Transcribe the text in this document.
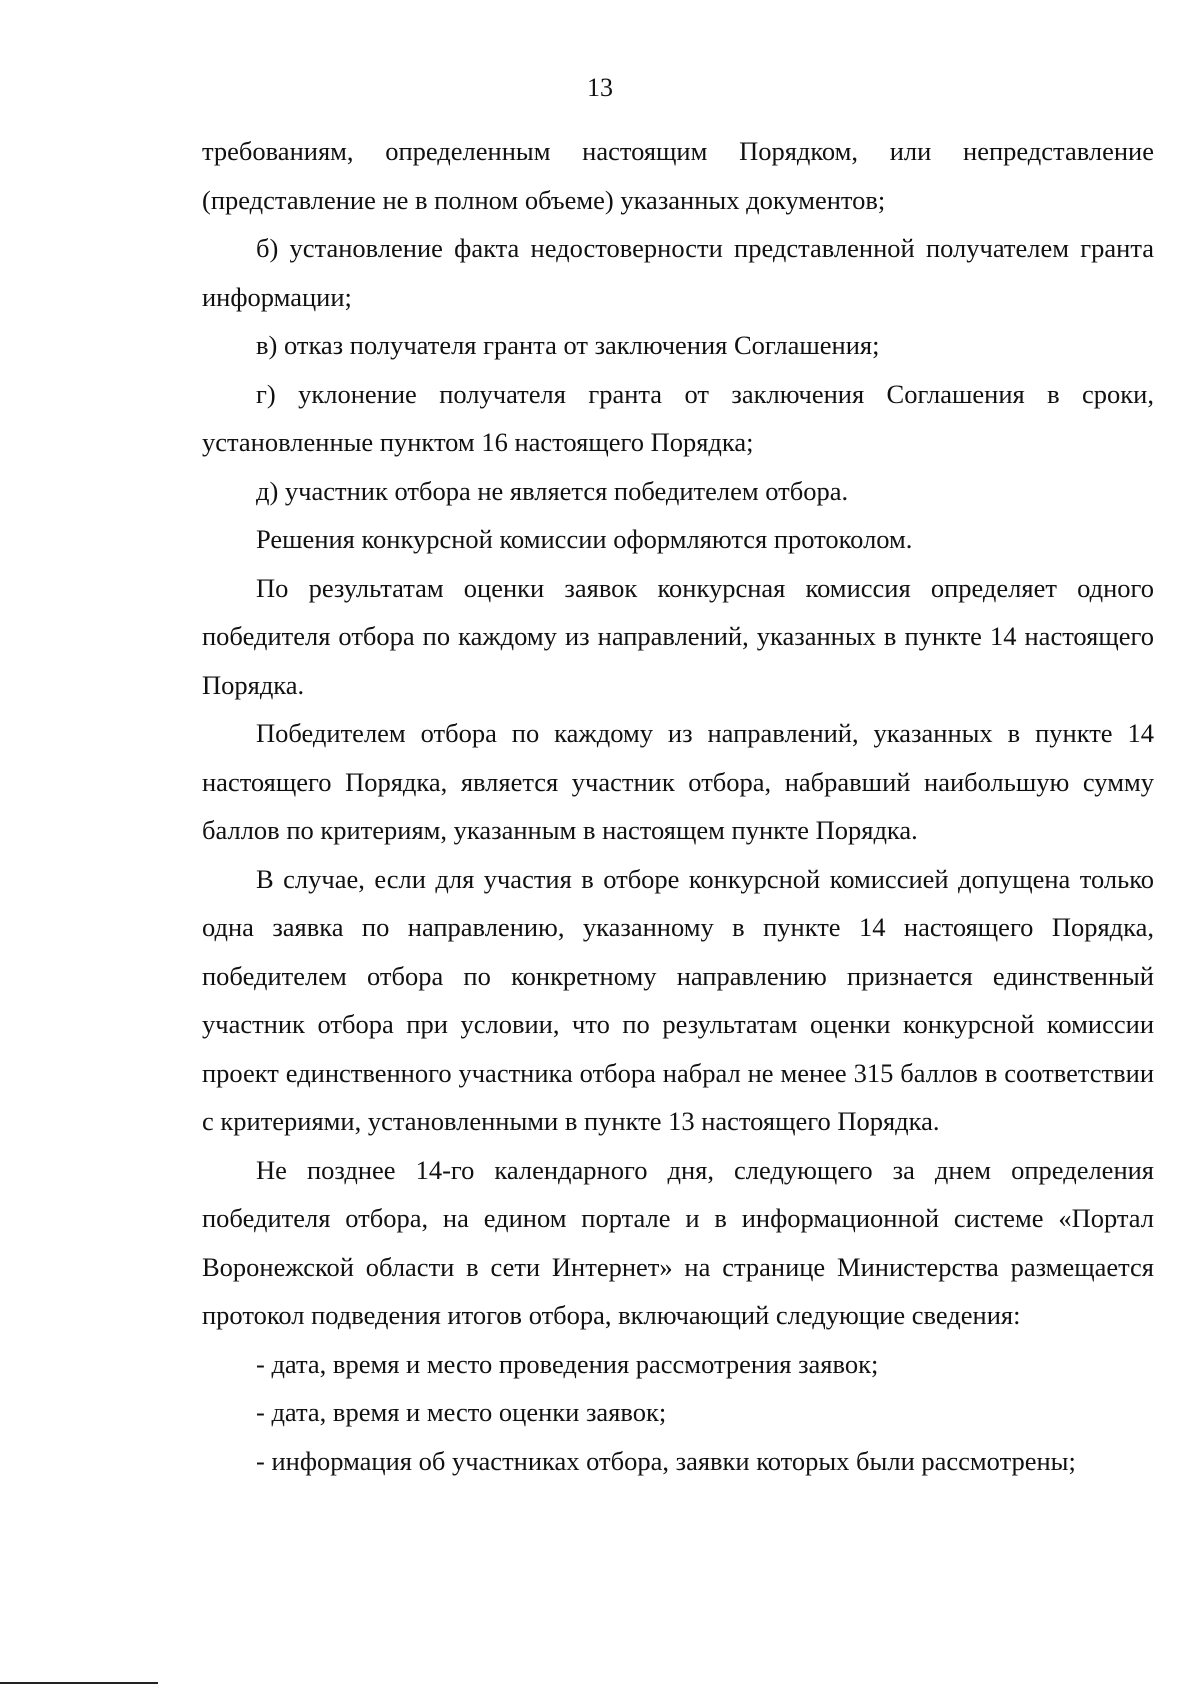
13

требованиям, определенным настоящим Порядком, или непредставление (представление не в полном объеме) указанных документов;

б) установление факта недостоверности представленной получателем гранта информации;

в) отказ получателя гранта от заключения Соглашения;

г) уклонение получателя гранта от заключения Соглашения в сроки, установленные пунктом 16 настоящего Порядка;

д) участник отбора не является победителем отбора.

Решения конкурсной комиссии оформляются протоколом.

По результатам оценки заявок конкурсная комиссия определяет одного победителя отбора по каждому из направлений, указанных в пункте 14 настоящего Порядка.

Победителем отбора по каждому из направлений, указанных в пункте 14 настоящего Порядка, является участник отбора, набравший наибольшую сумму баллов по критериям, указанным в настоящем пункте Порядка.

В случае, если для участия в отборе конкурсной комиссией допущена только одна заявка по направлению, указанному в пункте 14 настоящего Порядка, победителем отбора по конкретному направлению признается единственный участник отбора при условии, что по результатам оценки конкурсной комиссии проект единственного участника отбора набрал не менее 315 баллов в соответствии с критериями, установленными в пункте 13 настоящего Порядка.

Не позднее 14-го календарного дня, следующего за днем определения победителя отбора, на едином портале и в информационной системе «Портал Воронежской области в сети Интернет» на странице Министерства размещается протокол подведения итогов отбора, включающий следующие сведения:

- дата, время и место проведения рассмотрения заявок;

- дата, время и место оценки заявок;

- информация об участниках отбора, заявки которых были рассмотрены;
